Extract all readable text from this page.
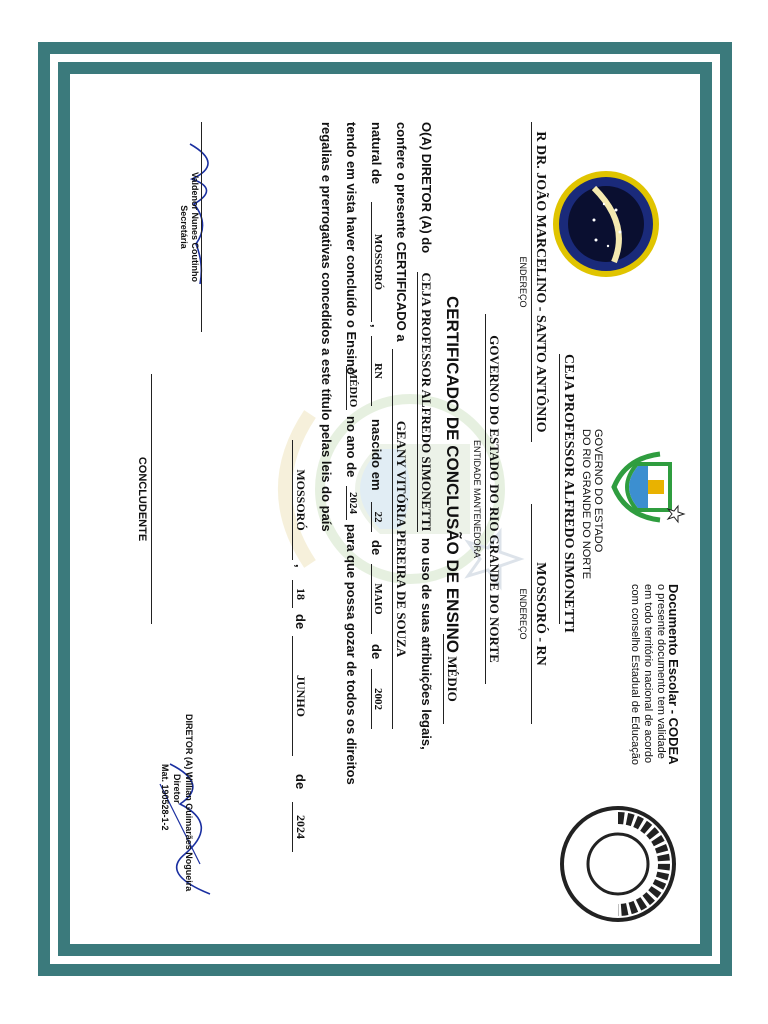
GOVERNO DO ESTADO
DO RIO GRANDE DO NORTE
Documento Escolar - CODEA
o presente documento tem validade
em todo território nacional de acordo
com conselho Estadual de Educação
CEJA PROFESSOR ALFREDO SIMONETTI
R DR. JOÃO MARCELINO - SANTO ANTÔNIO
ENDEREÇO
MOSSORÓ - RN
ENDEREÇO
GOVERNO DO ESTADO DO RIO GRANDE DO NORTE
ENTIDADE MANTENEDORA
CERTIFICADO DE CONCLUSÃO DE ENSINO
MÉDIO
O(A) DIRETOR (A) do
CEJA PROFESSOR ALFREDO SIMONETTI
no uso de suas atribuições legais,
confere o presente CERTIFICADO a
GEANY VITÓRIA PEREIRA DE SOUZA
natural de
MOSSORÓ
,
RN
nascido em
22
de
MAIO
de
2002
tendo em vista haver concluído o Ensino
MÉDIO
no ano de
2024
para que possa gozar de todos os direitos
regalias e prerrogativas concedidos a este título pelas leis do país
MOSSORÓ
,
18
de
JUNHO
de
2024
Valdenor Nunes Coutinho
Secretária
CONCLUDENTE
DIRETOR (A) Willian Guimarães Nogueira
Diretor
Mat. 190528-1-2
